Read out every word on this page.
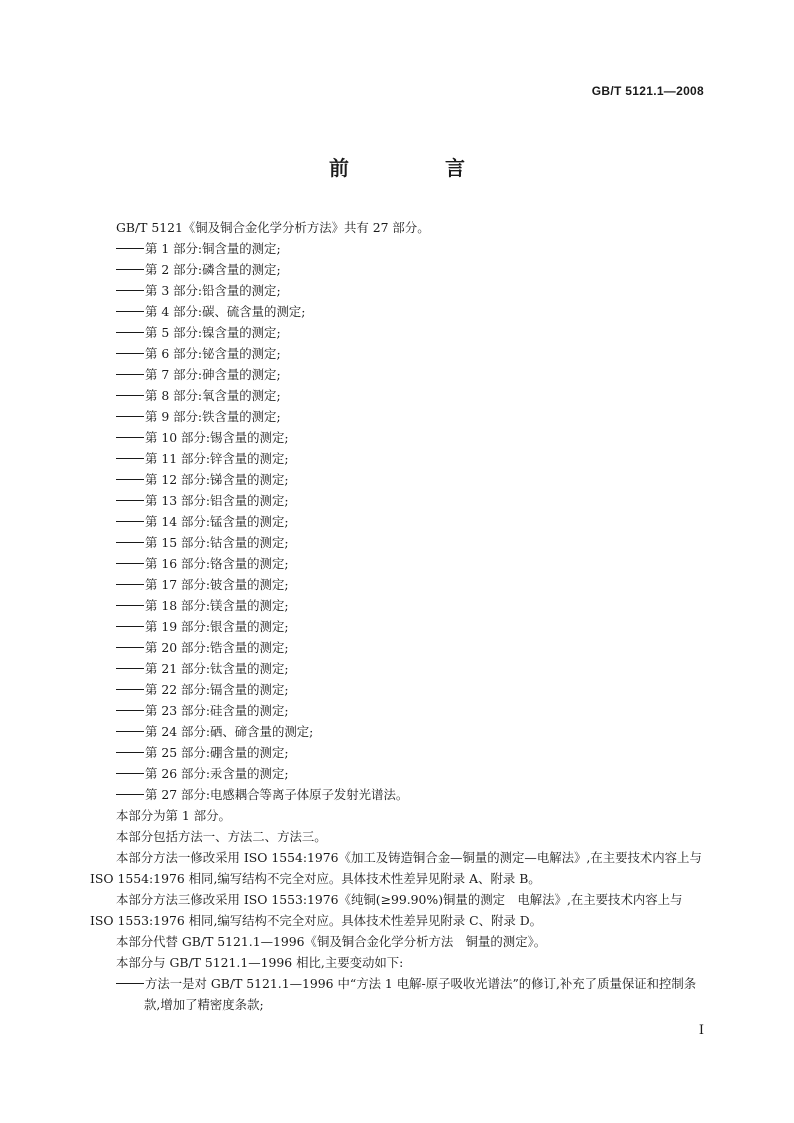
GB/T 5121.1—2008
前　言

GB/T 5121《铜及铜合金化学分析方法》共有 27 部分。

第 1 部分:铜含量的测定;

第 2 部分:磷含量的测定;

第 3 部分:铅含量的测定;

第 4 部分:碳、硫含量的测定;

第 5 部分:镍含量的测定;

第 6 部分:铋含量的测定;

第 7 部分:砷含量的测定;

第 8 部分:氧含量的测定;

第 9 部分:铁含量的测定;

第 10 部分:锡含量的测定;

第 11 部分:锌含量的测定;

第 12 部分:锑含量的测定;

第 13 部分:铝含量的测定;

第 14 部分:锰含量的测定;

第 15 部分:钴含量的测定;

第 16 部分:铬含量的测定;

第 17 部分:铍含量的测定;

第 18 部分:镁含量的测定;

第 19 部分:银含量的测定;

第 20 部分:锆含量的测定;

第 21 部分:钛含量的测定;

第 22 部分:镉含量的测定;

第 23 部分:硅含量的测定;

第 24 部分:硒、碲含量的测定;

第 25 部分:硼含量的测定;

第 26 部分:汞含量的测定;

第 27 部分:电感耦合等离子体原子发射光谱法。

本部分为第 1 部分。

本部分包括方法一、方法二、方法三。

本部分方法一修改采用 ISO 1554:1976《加工及铸造铜合金—铜量的测定—电解法》,在主要技术内容上与 ISO 1554:1976 相同,编写结构不完全对应。具体技术性差异见附录 A、附录 B。

本部分方法三修改采用 ISO 1553:1976《纯铜(≥99.90%)铜量的测定　电解法》,在主要技术内容上与 ISO 1553:1976 相同,编写结构不完全对应。具体技术性差异见附录 C、附录 D。

本部分代替 GB/T 5121.1—1996《铜及铜合金化学分析方法　铜量的测定》。

本部分与 GB/T 5121.1—1996 相比,主要变动如下:

方法一是对 GB/T 5121.1—1996 中“方法 1 电解-原子吸收光谱法”的修订,补充了质量保证和控制条款,增加了精密度条款;

I
